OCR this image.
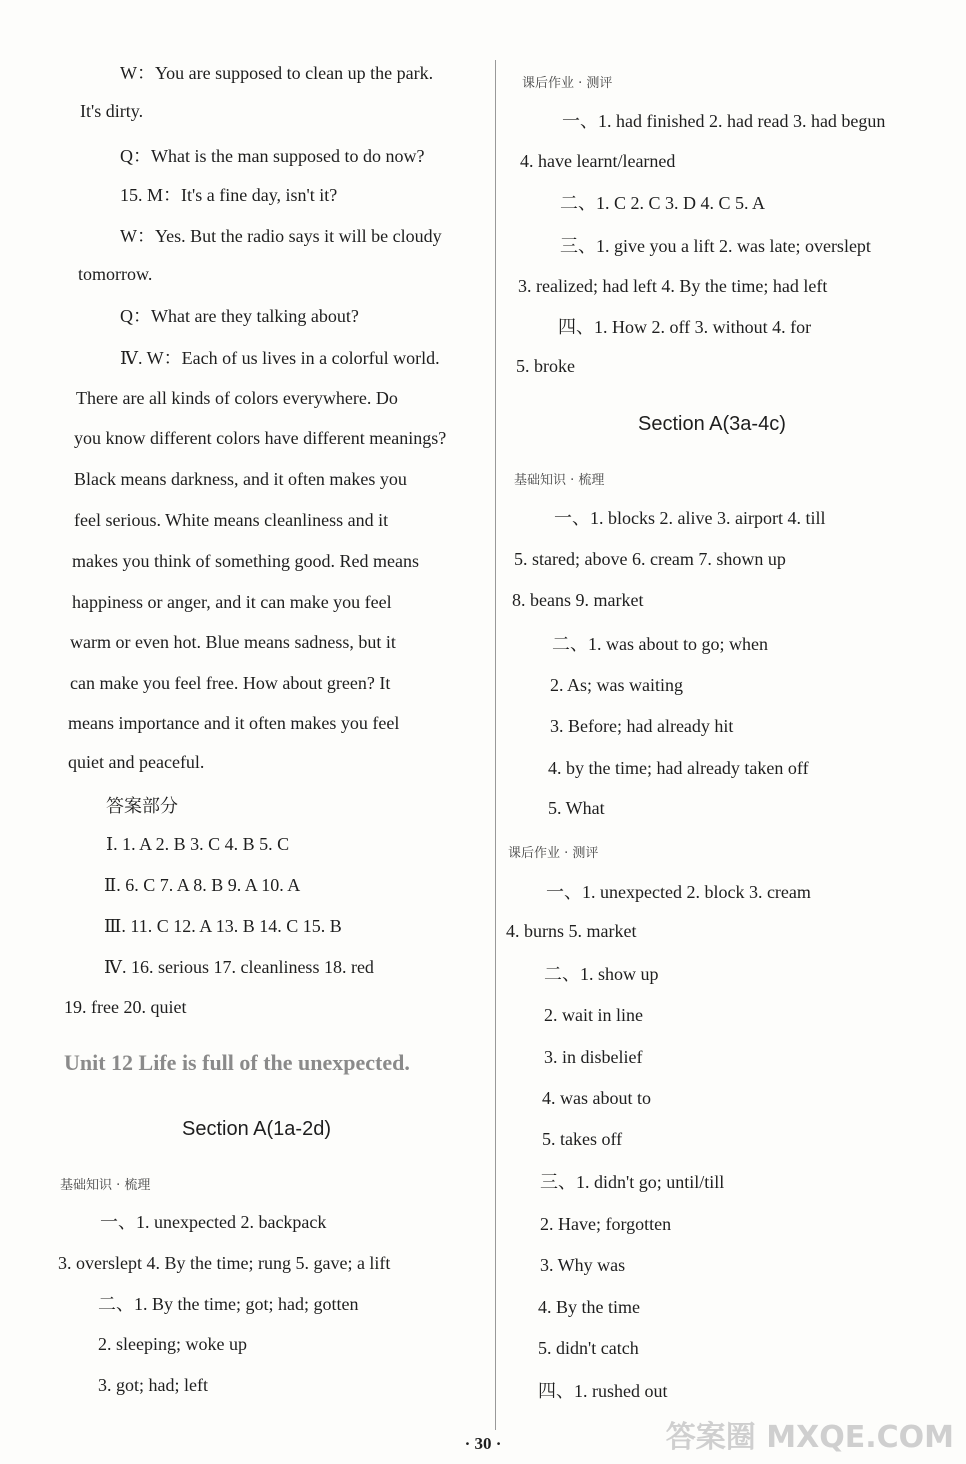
W：You are supposed to clean up the park.
It's dirty.
Q：What is the man supposed to do now?
15. M：It's a fine day, isn't it?
W：Yes. But the radio says it will be cloudy
tomorrow.
Q：What are they talking about?
Ⅳ. W：Each of us lives in a colorful world.
There are all kinds of colors everywhere. Do
you know different colors have different meanings?
Black means darkness, and it often makes you
feel serious. White means cleanliness and it
makes you think of something good. Red means
happiness or anger, and it can make you feel
warm or even hot. Blue means sadness, but it
can make you feel free. How about green? It
means importance and it often makes you feel
quiet and peaceful.
答案部分
Ⅰ. 1. A 2. B 3. C 4. B 5. C
Ⅱ. 6. C 7. A 8. B 9. A 10. A
Ⅲ. 11. C 12. A 13. B 14. C 15. B
Ⅳ. 16. serious 17. cleanliness 18. red
19. free 20. quiet
Unit 12 Life is full of the unexpected.
Section A(1a-2d)
基础知识 · 梳理
一、1. unexpected 2. backpack
3. overslept 4. By the time; rung 5. gave; a lift
二、1. By the time; got; had; gotten
2. sleeping; woke up
3. got; had; left
课后作业 · 测评
一、1. had finished 2. had read 3. had begun
4. have learnt/learned
二、1. C 2. C 3. D 4. C 5. A
三、1. give you a lift 2. was late; overslept
3. realized; had left 4. By the time; had left
四、1. How 2. off 3. without 4. for
5. broke
Section A(3a-4c)
基础知识 · 梳理
一、1. blocks 2. alive 3. airport 4. till
5. stared; above 6. cream 7. shown up
8. beans 9. market
二、1. was about to go; when
2. As; was waiting
3. Before; had already hit
4. by the time; had already taken off
5. What
课后作业 · 测评
一、1. unexpected 2. block 3. cream
4. burns 5. market
二、1. show up
2. wait in line
3. in disbelief
4. was about to
5. takes off
三、1. didn't go; until/till
2. Have; forgotten
3. Why was
4. By the time
5. didn't catch
四、1. rushed out
· 30 ·	答案圈 MXQE.COM
